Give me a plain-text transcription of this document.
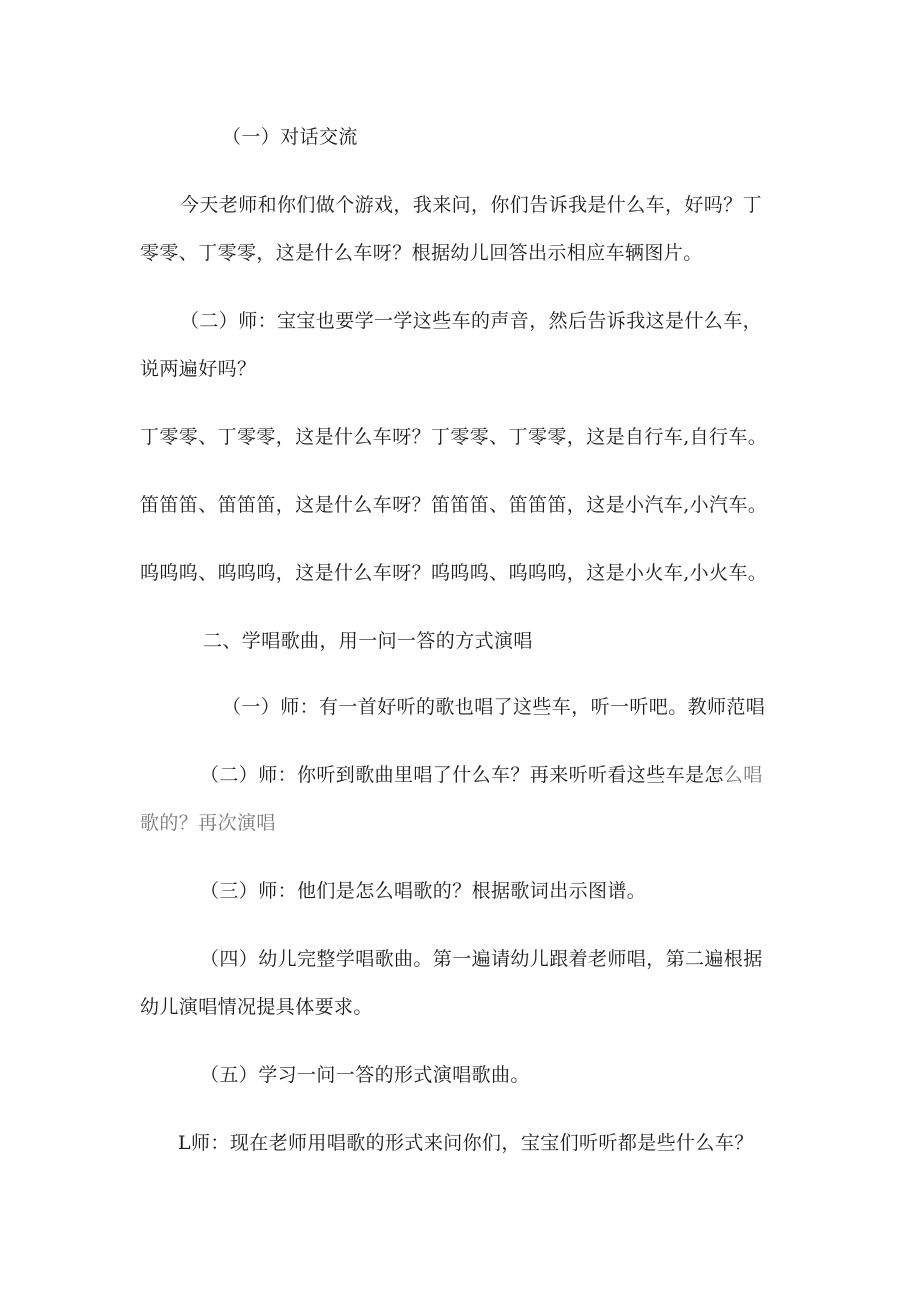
（一）对话交流
今天老师和你们做个游戏，我来问，你们告诉我是什么车，好吗？丁
零零、丁零零，这是什么车呀？根据幼儿回答出示相应车辆图片。
（二）师：宝宝也要学一学这些车的声音，然后告诉我这是什么车，
说两遍好吗？
丁零零、丁零零，这是什么车呀？丁零零、丁零零，这是自行车,自行车。
笛笛笛、笛笛笛，这是什么车呀？笛笛笛、笛笛笛，这是小汽车,小汽车。
呜呜呜、呜呜呜，这是什么车呀？呜呜呜、呜呜呜，这是小火车,小火车。
二、学唱歌曲，用一问一答的方式演唱
（一）师：有一首好听的歌也唱了这些车，听一听吧。教师范唱
（二）师：你听到歌曲里唱了什么车？再来听听看这些车是怎么唱
歌的？再次演唱
（三）师：他们是怎么唱歌的？根据歌词出示图谱。
（四）幼儿完整学唱歌曲。第一遍请幼儿跟着老师唱，第二遍根据
幼儿演唱情况提具体要求。
（五）学习一问一答的形式演唱歌曲。
L师：现在老师用唱歌的形式来问你们，宝宝们听听都是些什么车？
